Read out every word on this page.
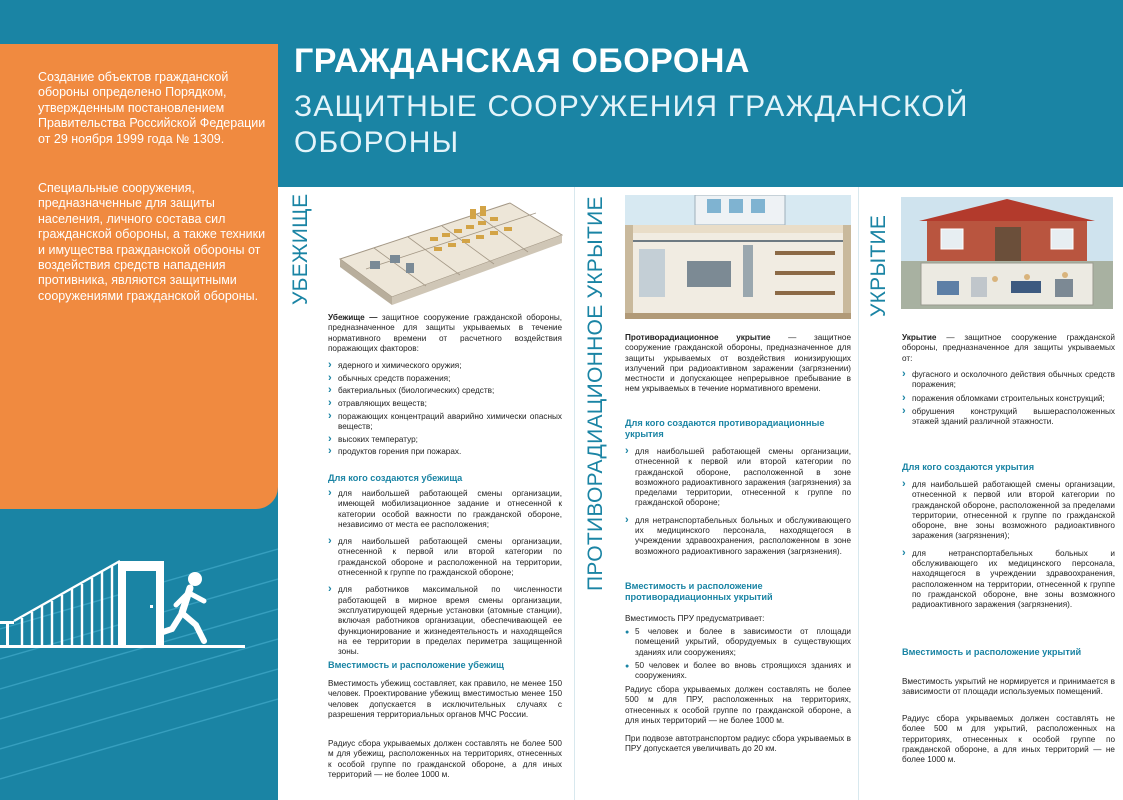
Создание объектов гражданской обороны определено Порядком, утвержденным постановлением Правительства Российской Федерации от 29 ноября 1999 года № 1309.

Специальные сооружения, предназначенные для защиты населения, личного состава сил гражданской обороны, а также техники и имущества гражданской обороны от воздействия средств нападения противника, являются защитными сооружениями гражданской обороны.

ГРАЖДАНСКАЯ ОБОРОНА
ЗАЩИТНЫЕ СООРУЖЕНИЯ ГРАЖДАНСКОЙ ОБОРОНЫ
УБЕЖИЩЕ

Убежище — защитное сооружение гражданской обороны, предназначенное для защиты укрываемых в течение нормативного времени от расчетного воздействия поражающих факторов:

› ядерного и химического оружия;
› обычных средств поражения;
› бактериальных (биологических) средств;
› отравляющих веществ;
› поражающих концентраций аварийно химически опасных веществ;
› высоких температур;
› продуктов горения при пожарах.

Для кого создаются убежища

› для наибольшей работающей смены организации, имеющей мобилизационное задание и отнесенной к категории особой важности по гражданской обороне, независимо от места ее расположения;
› для наибольшей работающей смены организации, отнесенной к первой или второй категории по гражданской обороне и расположенной на территории, отнесенной к группе по гражданской обороне;
› для работников максимальной по численности работающей в мирное время смены организации, эксплуатирующей ядерные установки (атомные станции), включая работников организации, обеспечивающей ее функционирование и жизнедеятельность и находящейся на ее территории в пределах периметра защищенной зоны.

Вместимость и расположение убежищ

Вместимость убежищ составляет, как правило, не менее 150 человек. Проектирование убежищ вместимостью менее 150 человек допускается в исключительных случаях с разрешения территориальных органов МЧС России.

Радиус сбора укрываемых должен составлять не более 500 м для убежищ, расположенных на территориях, отнесенных к особой группе по гражданской обороне, а для иных территорий — не более 1000 м.

ПРОТИВОРАДИАЦИОННОЕ УКРЫТИЕ Противорадиационное укрытие — защитное сооружение гражданской обороны, предназначенное для защиты укрываемых от воздействия ионизирующих излучений при радиоактивном заражении (загрязнении) местности и допускающее непрерывное пребывание в нем укрываемых в течение нормативного времени.

Для кого создаются противорадиационные укрытия

› для наибольшей работающей смены организации, отнесенной к первой или второй категории по гражданской обороне, расположенной в зоне возможного радиоактивного заражения (загрязнения) за пределами территории, отнесенной к группе по гражданской обороне;
› для нетранспортабельных больных и обслуживающего их медицинского персонала, находящегося в учреждении здравоохранения, расположенном в зоне возможного радиоактивного заражения (загрязнения).

Вместимость и расположение противорадиационных укрытий

Вместимость ПРУ предусматривает:

● 5 человек и более в зависимости от площади помещений укрытий, оборудуемых в существующих зданиях или сооружениях;
● 50 человек и более во вновь строящихся зданиях и сооружениях.

Радиус сбора укрываемых должен составлять не более 500 м для ПРУ, расположенных на территориях, отнесенных к особой группе по гражданской обороне, а для иных территорий — не более 1000 м.

При подвозе автотранспортом радиус сбора укрываемых в ПРУ допускается увеличивать до 20 км.

УКРЫТИЕ

Укрытие — защитное сооружение гражданской обороны, предназначенное для защиты укрываемых от:

› фугасного и осколочного действия обычных средств поражения;
› поражения обломками строительных конструкций;
› обрушения конструкций вышерасположенных этажей зданий различной этажности.

Для кого создаются укрытия

› для наибольшей работающей смены организации, отнесенной к первой или второй категории по гражданской обороне, расположенной за пределами территории, отнесенной к группе по гражданской обороне, вне зоны возможного радиоактивного заражения (загрязнения);
› для нетранспортабельных больных и обслуживающего их медицинского персонала, находящегося в учреждении здравоохранения, расположенном на территории, отнесенной к группе по гражданской обороне, вне зоны возможного радиоактивного заражения (загрязнения).

Вместимость и расположение укрытий

Вместимость укрытий не нормируется и принимается в зависимости от площади используемых помещений.

Радиус сбора укрываемых должен составлять не более 500 м для укрытий, расположенных на территориях, отнесенных к особой группе по гражданской обороне, а для иных территорий — не более 1000 м.
